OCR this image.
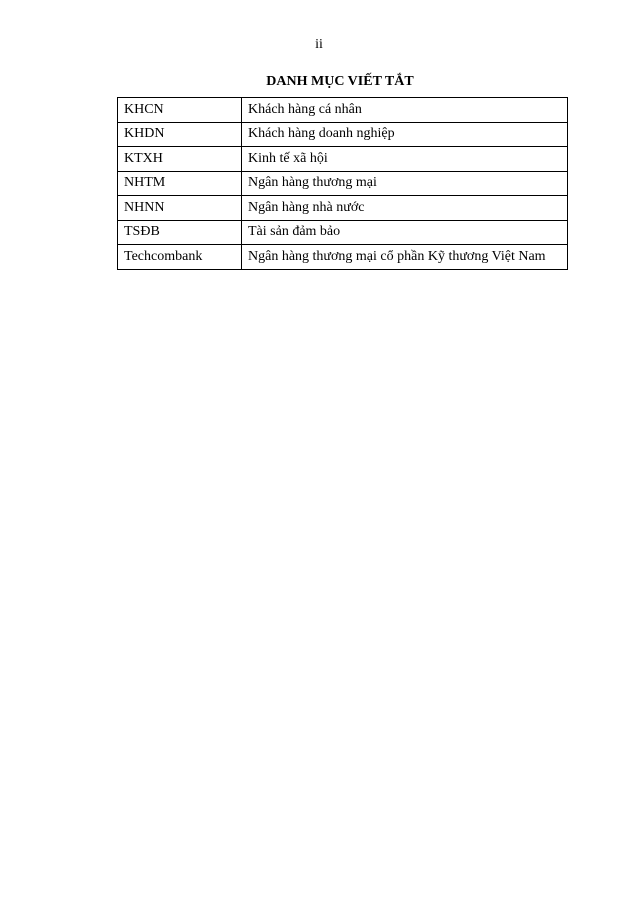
ii
DANH MỤC VIẾT TẮT
KHCN	Khách hàng cá nhân
KHDN	Khách hàng doanh nghiệp
KTXH	Kinh tế xã hội
NHTM	Ngân hàng thương mại
NHNN	Ngân hàng nhà nước
TSĐB	Tài sản đảm bảo
Techcombank	Ngân hàng thương mại cổ phần Kỹ thương Việt Nam
